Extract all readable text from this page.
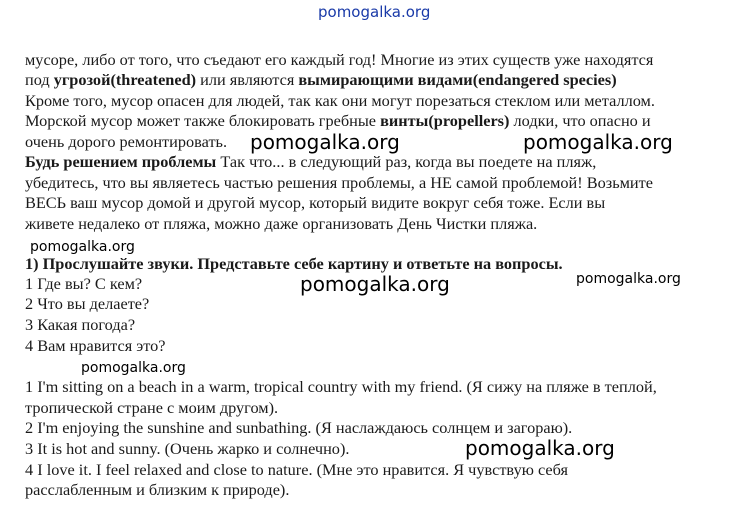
pomogalka.org
мусоре, либо от того, что съедают его каждый год! Многие из этих существ уже находятся
под угрозой(threatened) или являются вымирающими видами(endangered species)
Кроме того, мусор опасен для людей, так как они могут порезаться стеклом или металлом.
Морской мусор может также блокировать гребные винты(propellers) лодки, что опасно и
очень дорого ремонтировать. pomogalka.org	pomogalka.org
Будь решением проблемы Так что... в следующий раз, когда вы поедете на пляж,
убедитесь, что вы являетесь частью решения проблемы, а НЕ самой проблемой! Возьмите
ВЕСЬ ваш мусор домой и другой мусор, который видите вокруг себя тоже. Если вы
живете недалеко от пляжа, можно даже организовать День Чистки пляжа.
pomogalka.org
1) Прослушайте звуки. Представьте себе картину и ответьте на вопросы.
1 Где вы? С кем?
2 Что вы делаете?
3 Какая погода?
4 Вам нравится это?
pomogalka.org	pomogalka.org
pomogalka.org
1 I'm sitting on a beach in a warm, tropical country with my friend. (Я сижу на пляже в теплой,
тропической стране с моим другом).
2 I'm enjoying the sunshine and sunbathing. (Я наслаждаюсь солнцем и загораю).
3 It is hot and sunny. (Очень жарко и солнечно).
4 I love it. I feel relaxed and close to nature. (Мне это нравится. Я чувствую себя
расслабленным и близким к природе).
pomogalka.org
